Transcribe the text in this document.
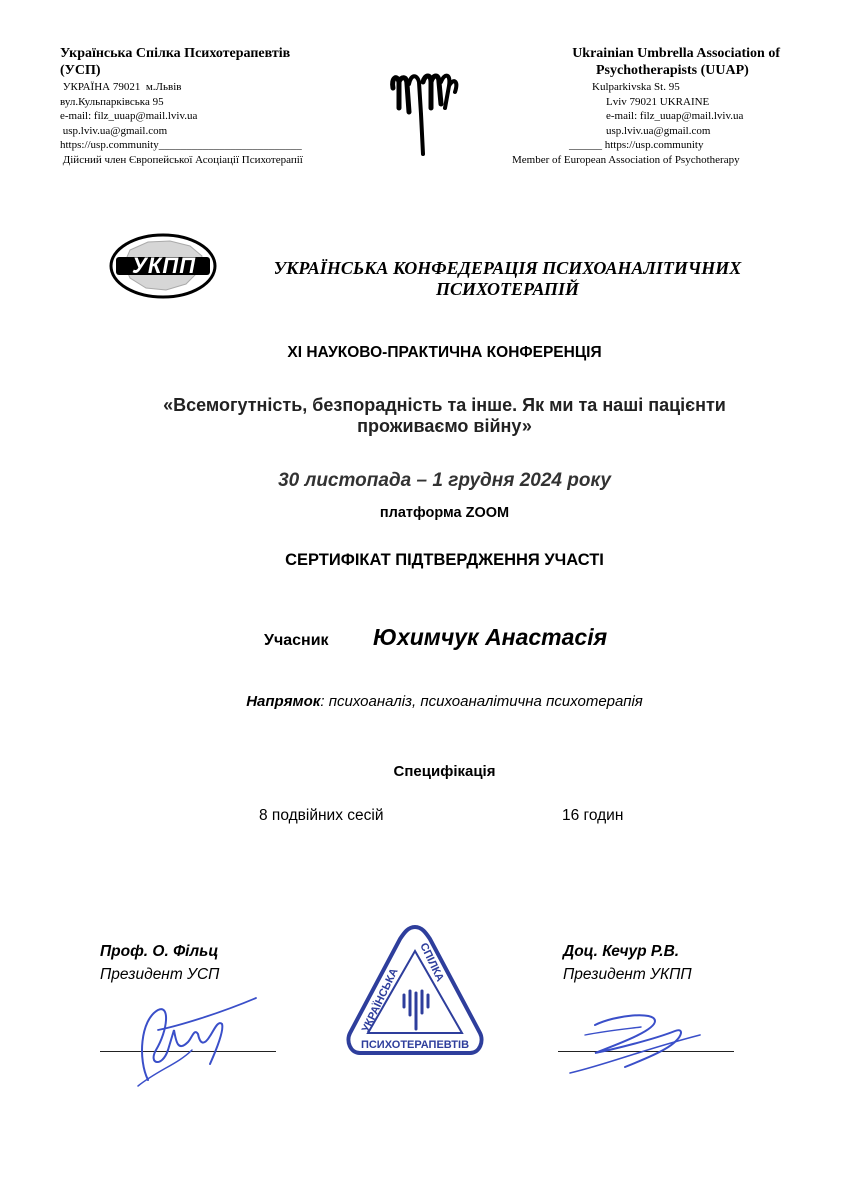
Українська Спілка Психотерапевтів
(УСП)
УКРАЇНА 79021  м.Львів
вул.Кульпарківська 95
e-mail: filz_uuap@mail.lviv.ua
usp.lviv.ua@gmail.com
https://usp.community__________________________
Дійсний член Європейської Асоціації Психотерапії
Ukrainian Umbrella Association of
Psychotherapists (UUAP)
Kulparkivska St. 95
Lviv 79021 UKRAINE
e-mail: filz_uuap@mail.lviv.ua
usp.lviv.ua@gmail.com
______ https://usp.community
Member of European Association of Psychotherapy
УКПП	УКРАЇНСЬКА КОНФЕДЕРАЦІЯ ПСИХОАНАЛІТИЧНИХ
ПСИХОТЕРАПІЙ
XI НАУКОВО-ПРАКТИЧНА КОНФЕРЕНЦІЯ
«Всемогутність, безпорадність та інше. Як ми та наші пацієнти
проживаємо війну»
30 листопада – 1 грудня 2024 року
платформа ZOOM
СЕРТИФІКАТ ПІДТВЕРДЖЕННЯ УЧАСТІ
Учасник Юхимчук Анастасія
Напрямок: психоаналіз, психоаналітична психотерапія
Специфікація
8 подвійних сесій	16 годин
Проф. О. Фільц
Президент УСП
УКРАЇНСЬКА
СПІЛКА
ПСИХОТЕРАПЕВТІВ
Доц. Кечур Р.В.
Президент УКПП
